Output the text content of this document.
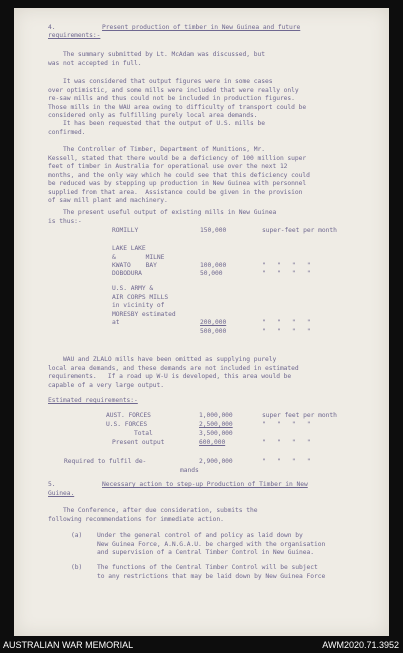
4.	Present production of timber in New Guinea and future
requirements:-
The summary submitted by Lt. McAdam was discussed, but
was not accepted in full.
It was considered that output figures were in some cases
over optimistic, and some mills were included that were really only
re-saw mills and thus could not be included in production figures.
Those mills in the WAU area owing to difficulty of transport could be
considered only as fulfilling purely local area demands.
It has been requested that the output of U.S. mills be
confirmed.
The Controller of Timber, Department of Munitions, Mr.
Kessell, stated that there would be a deficiency of 100 million super
feet of timber in Australia for operational use over the next 12
months, and the only way which he could see that this deficiency could
be reduced was by stepping up production in New Guinea with personnel
supplied from that area.  Assistance could be given in the provision
of saw mill plant and machinery.
The present useful output of existing mills in New Guinea
is thus:-
ROMILLY	150,000	super-feet per month
LAKE LAKE
&        MILNE
KWATO    BAY	100,000	"   "   "   "
DOBODURA	50,000	"   "   "   "
U.S. ARMY &
AIR CORPS MILLS
in vicinity of
MORESBY estimated
at	200,000	"   "   "   "
500,000	"   "   "   "
WAU and ZLALO mills have been omitted as supplying purely
local area demands, and these demands are not included in estimated
requirements.   If a road up W-U is developed, this area would be
capable of a very large output.
Estimated requirements:-
AUST. FORCES	1,000,000	super feet per month
U.S. FORCES	2,500,000	"   "   "   "
Total	3,500,000
Present output	600,000	"   "   "   "
Required to fulfil de-	2,900,000	"   "   "   "
mands
5.	Necessary action to step-up Production of Timber in New
Guinea.
The Conference, after due consideration, submits the
following recommendations for immediate action.
(a) Under the general control of and policy as laid down by
New Guinea Force, A.N.G.A.U. be charged with the organisation
and supervision of a Central Timber Control in New Guinea.
(b) The functions of the Central Timber Control will be subject
to any restrictions that may be laid down by New Guinea Force
AUSTRALIAN WAR MEMORIAL	AWM2020.71.3952
